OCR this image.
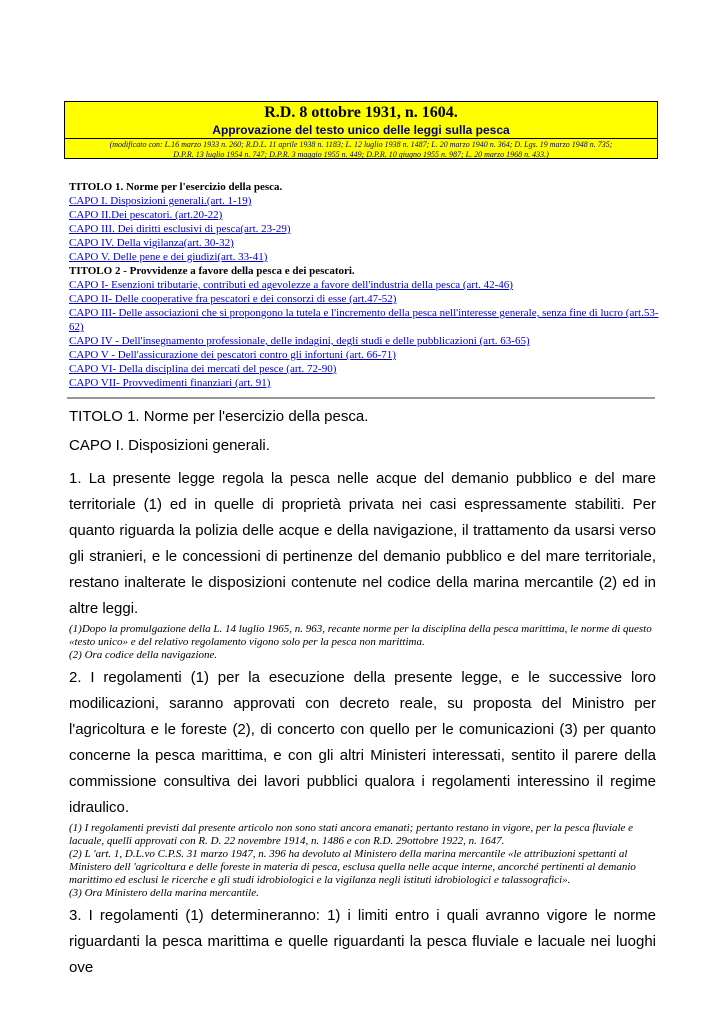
R.D. 8 ottobre 1931, n. 1604.
Approvazione del testo unico delle leggi sulla pesca
(modificato con: L.16 marzo 1933 n. 260; R.D.L. 11 aprile 1938 n. 1183; L. 12 luglio 1938 n. 1487; L. 20 marzo 1940 n. 364; D. Lgs. 19 marzo 1948 n. 735;
D.P.R. 13 luglio 1954 n. 747; D.P.R. 3 maggio 1955 n. 449; D.P.R. 10 giugno 1955 n. 987; L. 20 marzo 1968 n. 433.)
TITOLO 1. Norme per l'esercizio della pesca.
CAPO I. Disposizioni generali.(art. 1-19)
CAPO II.Dei pescatori. (art.20-22)
CAPO III. Dei diritti esclusivi di pesca(art. 23-29)
CAPO IV. Della vigilanza(art. 30-32)
CAPO V. Delle pene e dei giudizi(art. 33-41)
TITOLO 2 - Provvidenze a favore della pesca e dei pescatori.
CAPO I- Esenzioni tributarie, contributi ed agevolezze a favore dell'industria della pesca (art. 42-46)
CAPO II- Delle cooperative fra pescatori e dei consorzi di esse (art.47-52)
CAPO III- Delle associazioni che si propongono la tutela e l'incremento della pesca nell'interesse generale, senza fine di lucro (art.53-62)
CAPO IV - Dell'insegnamento professionale, delle indagini, degli studi e delle pubblicazioni (art. 63-65)
CAPO V - Dell'assicurazione dei pescatori contro gli infortuni (art. 66-71)
CAPO VI- Della disciplina dei mercati del pesce (art. 72-90)
CAPO VII- Provvedimenti finanziari (art. 91)

TITOLO 1. Norme per l'esercizio della pesca.

CAPO I. Disposizioni generali.

1. La presente legge regola la pesca nelle acque del demanio pubblico e del mare territoriale (1) ed in quelle di proprietà privata nei casi espressamente stabiliti. Per quanto riguarda la polizia delle acque e della navigazione, il trattamento da usarsi verso gli stranieri, e le concessioni di pertinenze del demanio pubblico e del mare territoriale, restano inalterate le disposizioni contenute nel codice della marina mercantile (2) ed in altre leggi.

(1)Dopo la promulgazione della L. 14 luglio 1965, n. 963, recante norme per la disciplina della pesca marittima, le norme di questo «testo unico» e del relativo regolamento vigono solo per la pesca non marittima.
(2) Ora codice della navigazione.

2. I regolamenti (1) per la esecuzione della presente legge, e le successive loro modilicazioni, saranno approvati con decreto reale, su proposta del Ministro per l'agricoltura e le foreste (2), di concerto con quello per le comunicazioni (3) per quanto concerne la pesca marittima, e con gli altri Ministeri interessati, sentito il parere della commissione consultiva dei lavori pubblici qualora i regolamenti interessino il regime idraulico.

(1) I regolamenti previsti dal presente articolo non sono stati ancora emanati; pertanto restano in vigore, per la pesca fluviale e lacuale, quelli approvati con R. D. 22 novembre 1914, n. 1486 e con R.D. 29ottobre 1922, n. 1647.
(2) L 'art. 1, D.L.vo C.P.S. 31 marzo 1947, n. 396 ha devoluto al Ministero della marina mercantile «le attribuzioni spettanti al Ministero dell 'agricoltura e delle foreste in materia di pesca, esclusa quella nelle acque interne, ancorché pertinenti al demanio marittimo ed esclusi le ricerche e gli studi idrobiologici e la vigilanza negli istituti idrobiologici e talassografici».
(3) Ora Ministero della marina mercantile.

3. I regolamenti (1) determineranno: 1) i limiti entro i quali avranno vigore le norme riguardanti la pesca marittima e quelle riguardanti la pesca fluviale e lacuale nei luoghi ove
